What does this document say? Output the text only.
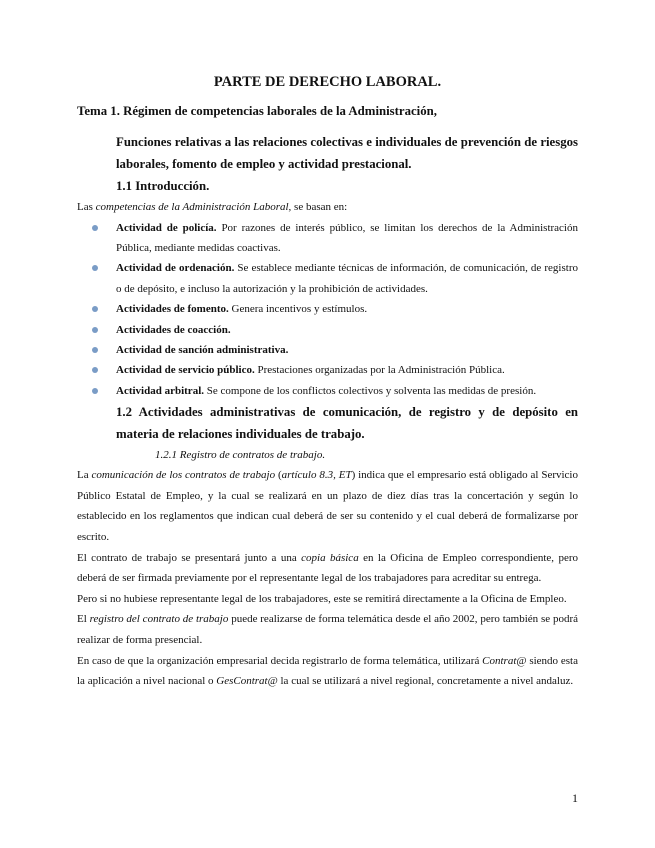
PARTE DE DERECHO LABORAL.
Tema 1. Régimen de competencias laborales de la Administración,
Funciones relativas a las relaciones colectivas e individuales de prevención de riesgos laborales, fomento de empleo y actividad prestacional.
1.1 Introducción.

Las competencias de la Administración Laboral, se basan en:

Actividad de policía. Por razones de interés público, se limitan los derechos de la Administración Pública, mediante medidas coactivas.
Actividad de ordenación. Se establece mediante técnicas de información, de comunicación, de registro o de depósito, e incluso la autorización y la prohibición de actividades.
Actividades de fomento. Genera incentivos y estímulos.
Actividades de coacción.
Actividad de sanción administrativa.
Actividad de servicio público. Prestaciones organizadas por la Administración Pública.
Actividad arbitral. Se compone de los conflictos colectivos y solventa las medidas de presión.
1.2 Actividades administrativas de comunicación, de registro y de depósito en materia de relaciones individuales de trabajo.
1.2.1 Registro de contratos de trabajo.

La comunicación de los contratos de trabajo (artículo 8.3, ET) indica que el empresario está obligado al Servicio Público Estatal de Empleo, y la cual se realizará en un plazo de diez días tras la concertación y según lo establecido en los reglamentos que indican cual deberá de ser su contenido y el cual deberá de formalizarse por escrito.

El contrato de trabajo se presentará junto a una copia básica en la Oficina de Empleo correspondiente, pero deberá de ser firmada previamente por el representante legal de los trabajadores para acreditar su entrega.

Pero si no hubiese representante legal de los trabajadores, este se remitirá directamente a la Oficina de Empleo.

El registro del contrato de trabajo puede realizarse de forma telemática desde el año 2002, pero también se podrá realizar de forma presencial.

En caso de que la organización empresarial decida registrarlo de forma telemática, utilizará Contrat@ siendo esta la aplicación a nivel nacional o GesContrat@ la cual se utilizará a nivel regional, concretamente a nivel andaluz.

1
